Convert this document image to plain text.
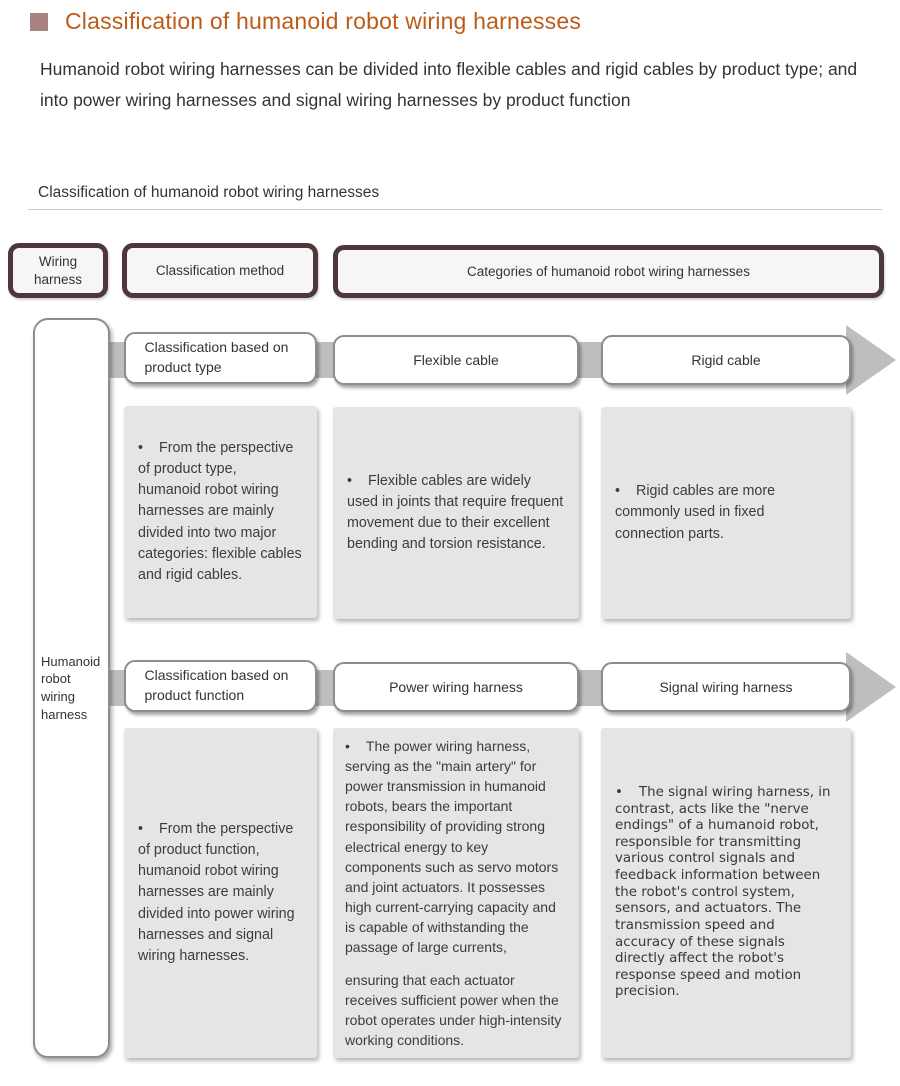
Classification of humanoid robot wiring harnesses

Humanoid robot wiring harnesses can be divided into flexible cables and rigid cables by product type; and into power wiring harnesses and signal wiring harnesses by product function

Classification of humanoid robot wiring harnesses
Wiring harness
Classification method	Categories of humanoid robot wiring harnesses
Humanoid robot wiring harness
Classification based on product type	Flexible cable	Rigid cable

• From the perspective of product type, humanoid robot wiring harnesses are mainly divided into two major categories: flexible cables and rigid cables.

• Flexible cables are widely used in joints that require frequent movement due to their excellent bending and torsion resistance.

• Rigid cables are more commonly used in fixed connection parts.

Classification based on product function	Power wiring harness	Signal wiring harness

• From the perspective of product function, humanoid robot wiring harnesses are mainly divided into power wiring harnesses and signal wiring harnesses.

• The power wiring harness, serving as the "main artery" for power transmission in humanoid robots, bears the important responsibility of providing strong electrical energy to key components such as servo motors and joint actuators. It possesses high current-carrying capacity and is capable of withstanding the passage of large currents,

ensuring that each actuator receives sufficient power when the robot operates under high-intensity working conditions.

• The signal wiring harness, in contrast, acts like the "nerve endings" of a humanoid robot, responsible for transmitting various control signals and feedback information between the robot's control system, sensors, and actuators. The transmission speed and accuracy of these signals directly affect the robot's response speed and motion precision.
